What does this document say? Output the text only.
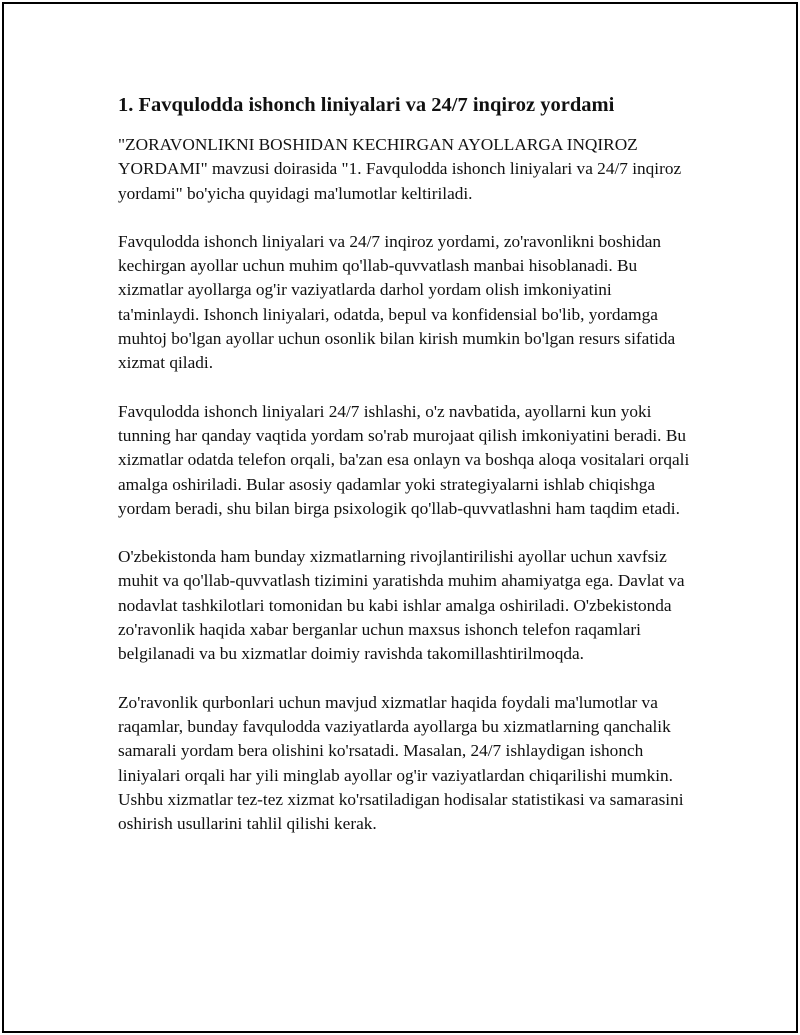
1. Favqulodda ishonch liniyalari va 24/7 inqiroz yordami

"ZORAVONLIKNI BOSHIDAN KECHIRGAN AYOLLARGA INQIROZ YORDAMI" mavzusi doirasida "1. Favqulodda ishonch liniyalari va 24/7 inqiroz yordami" bo'yicha quyidagi ma'lumotlar keltiriladi.

Favqulodda ishonch liniyalari va 24/7 inqiroz yordami, zo'ravonlikni boshidan kechirgan ayollar uchun muhim qo'llab-quvvatlash manbai hisoblanadi. Bu xizmatlar ayollarga og'ir vaziyatlarda darhol yordam olish imkoniyatini ta'minlaydi. Ishonch liniyalari, odatda, bepul va konfidensial bo'lib, yordamga muhtoj bo'lgan ayollar uchun osonlik bilan kirish mumkin bo'lgan resurs sifatida xizmat qiladi.

Favqulodda ishonch liniyalari 24/7 ishlashi, o'z navbatida, ayollarni kun yoki tunning har qanday vaqtida yordam so'rab murojaat qilish imkoniyatini beradi. Bu xizmatlar odatda telefon orqali, ba'zan esa onlayn va boshqa aloqa vositalari orqali amalga oshiriladi. Bular asosiy qadamlar yoki strategiyalarni ishlab chiqishga yordam beradi, shu bilan birga psixologik qo'llab-quvvatlashni ham taqdim etadi.

O'zbekistonda ham bunday xizmatlarning rivojlantirilishi ayollar uchun xavfsiz muhit va qo'llab-quvvatlash tizimini yaratishda muhim ahamiyatga ega. Davlat va nodavlat tashkilotlari tomonidan bu kabi ishlar amalga oshiriladi. O'zbekistonda zo'ravonlik haqida xabar berganlar uchun maxsus ishonch telefon raqamlari belgilanadi va bu xizmatlar doimiy ravishda takomillashtirilmoqda.

Zo'ravonlik qurbonlari uchun mavjud xizmatlar haqida foydali ma'lumotlar va raqamlar, bunday favqulodda vaziyatlarda ayollarga bu xizmatlarning qanchalik samarali yordam bera olishini ko'rsatadi. Masalan, 24/7 ishlaydigan ishonch liniyalari orqali har yili minglab ayollar og'ir vaziyatlardan chiqarilishi mumkin. Ushbu xizmatlar tez-tez xizmat ko'rsatiladigan hodisalar statistikasi va samarasini oshirish usullarini tahlil qilishi kerak.
